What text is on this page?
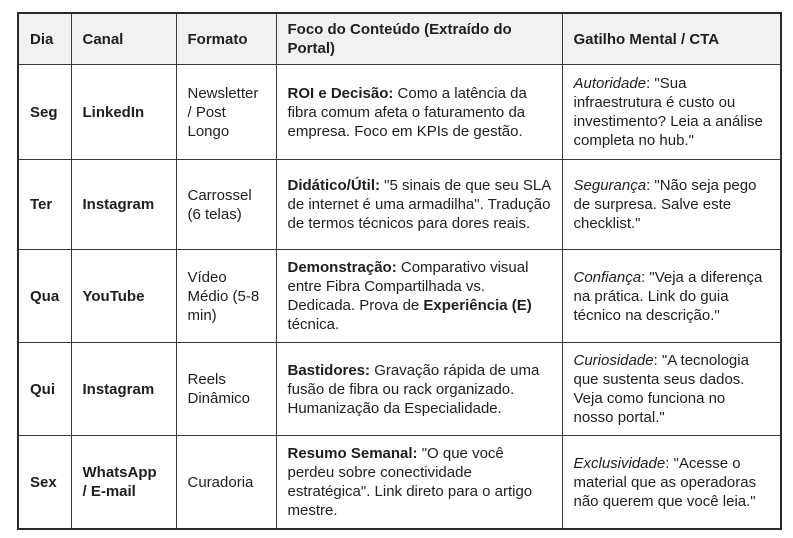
Dia	Canal	Formato	Foco do Conteúdo (Extraído do Portal)	Gatilho Mental / CTA
Seg	LinkedIn	Newsletter / Post Longo	ROI e Decisão: Como a latência da fibra comum afeta o faturamento da empresa. Foco em KPIs de gestão.	Autoridade: "Sua infraestrutura é custo ou investimento? Leia a análise completa no hub."
Ter	Instagram	Carrossel (6 telas)	Didático/Útil: "5 sinais de que seu SLA de internet é uma armadilha". Tradução de termos técnicos para dores reais.	Segurança: "Não seja pego de surpresa. Salve este checklist."
Qua	YouTube	Vídeo Médio (5-8 min)	Demonstração: Comparativo visual entre Fibra Compartilhada vs. Dedicada. Prova de Experiência (E) técnica.	Confiança: "Veja a diferença na prática. Link do guia técnico na descrição."
Qui	Instagram	Reels Dinâmico	Bastidores: Gravação rápida de uma fusão de fibra ou rack organizado. Humanização da Especialidade.	Curiosidade: "A tecnologia que sustenta seus dados. Veja como funciona no nosso portal."
Sex	WhatsApp / E-mail	Curadoria	Resumo Semanal: "O que você perdeu sobre conectividade estratégica". Link direto para o artigo mestre.	Exclusividade: "Acesse o material que as operadoras não querem que você leia."
